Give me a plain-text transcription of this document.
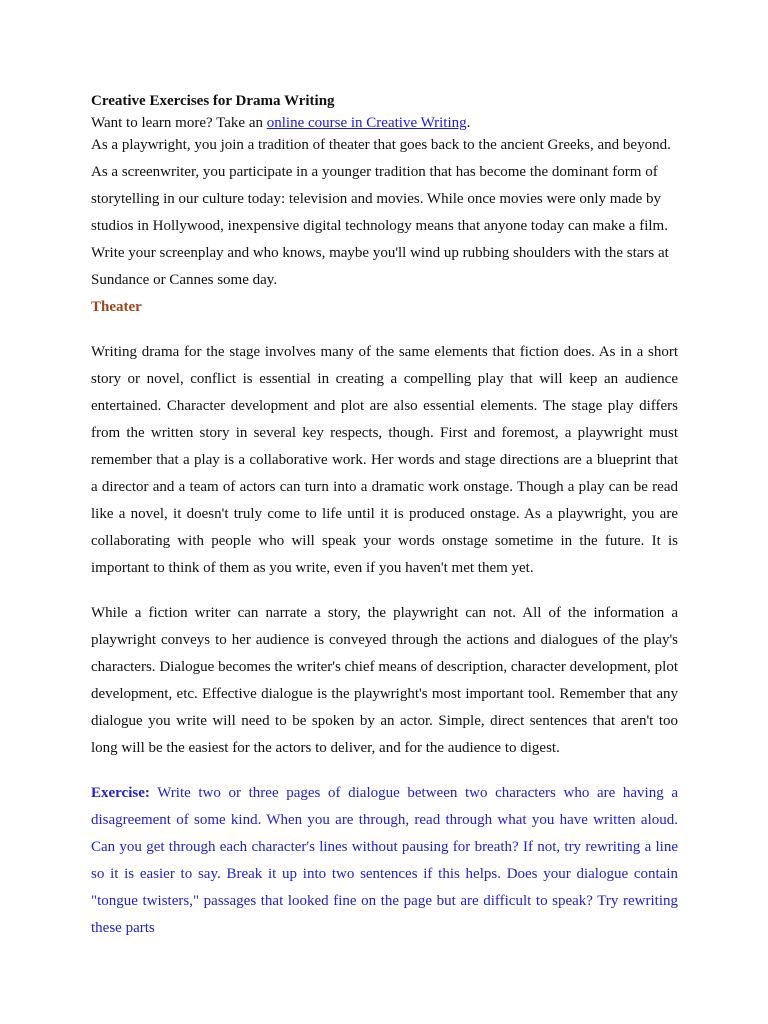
Creative Exercises for Drama Writing

Want to learn more? Take an online course in Creative Writing.

As a playwright, you join a tradition of theater that goes back to the ancient Greeks, and beyond. As a screenwriter, you participate in a younger tradition that has become the dominant form of storytelling in our culture today: television and movies. While once movies were only made by studios in Hollywood, inexpensive digital technology means that anyone today can make a film. Write your screenplay and who knows, maybe you'll wind up rubbing shoulders with the stars at Sundance or Cannes some day.

Theater

Writing drama for the stage involves many of the same elements that fiction does. As in a short story or novel, conflict is essential in creating a compelling play that will keep an audience entertained. Character development and plot are also essential elements. The stage play differs from the written story in several key respects, though. First and foremost, a playwright must remember that a play is a collaborative work. Her words and stage directions are a blueprint that a director and a team of actors can turn into a dramatic work onstage. Though a play can be read like a novel, it doesn't truly come to life until it is produced onstage. As a playwright, you are collaborating with people who will speak your words onstage sometime in the future. It is important to think of them as you write, even if you haven't met them yet.

While a fiction writer can narrate a story, the playwright can not. All of the information a playwright conveys to her audience is conveyed through the actions and dialogues of the play's characters. Dialogue becomes the writer's chief means of description, character development, plot development, etc. Effective dialogue is the playwright's most important tool. Remember that any dialogue you write will need to be spoken by an actor. Simple, direct sentences that aren't too long will be the easiest for the actors to deliver, and for the audience to digest.

Exercise: Write two or three pages of dialogue between two characters who are having a disagreement of some kind. When you are through, read through what you have written aloud. Can you get through each character's lines without pausing for breath? If not, try rewriting a line so it is easier to say. Break it up into two sentences if this helps. Does your dialogue contain "tongue twisters," passages that looked fine on the page but are difficult to speak? Try rewriting these parts
